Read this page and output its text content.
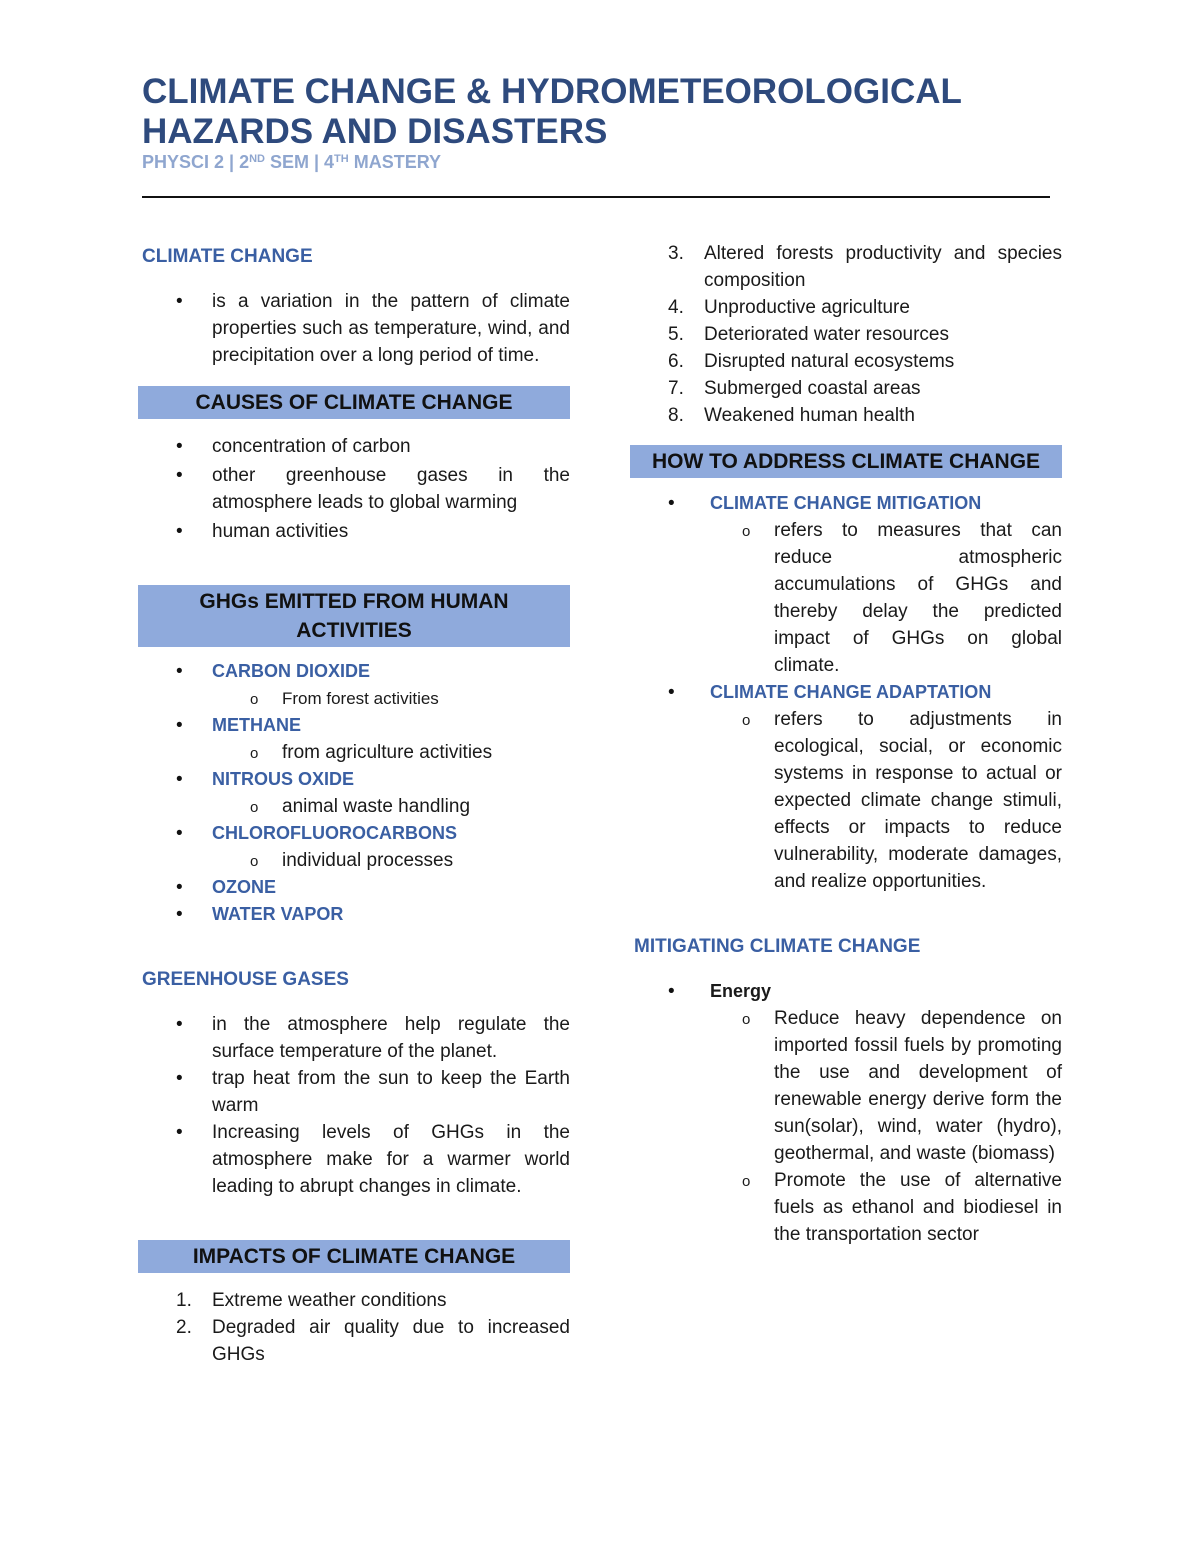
CLIMATE CHANGE & HYDROMETEOROLOGICAL HAZARDS AND DISASTERS
PHYSCI 2 | 2ND SEM | 4TH MASTERY
CLIMATE CHANGE
• is a variation in the pattern of climate properties such as temperature, wind, and precipitation over a long period of time.
CAUSES OF CLIMATE CHANGE
• concentration of carbon
• other greenhouse gases in the atmosphere leads to global warming
• human activities
GHGs EMITTED FROM HUMAN ACTIVITIES
• CARBON DIOXIDE
o From forest activities
• METHANE
o from agriculture activities
• NITROUS OXIDE
o animal waste handling
• CHLOROFLUOROCARBONS
o individual processes
• OZONE
• WATER VAPOR
GREENHOUSE GASES
• in the atmosphere help regulate the surface temperature of the planet.
• trap heat from the sun to keep the Earth warm
• Increasing levels of GHGs in the atmosphere make for a warmer world leading to abrupt changes in climate.
IMPACTS OF CLIMATE CHANGE
1. Extreme weather conditions
2. Degraded air quality due to increased GHGs
3. Altered forests productivity and species composition
4. Unproductive agriculture
5. Deteriorated water resources
6. Disrupted natural ecosystems
7. Submerged coastal areas
8. Weakened human health
HOW TO ADDRESS CLIMATE CHANGE
• CLIMATE CHANGE MITIGATION
o refers to measures that can reduce atmospheric accumulations of GHGs and thereby delay the predicted impact of GHGs on global climate.
• CLIMATE CHANGE ADAPTATION
o refers to adjustments in ecological, social, or economic systems in response to actual or expected climate change stimuli, effects or impacts to reduce vulnerability, moderate damages, and realize opportunities.
MITIGATING CLIMATE CHANGE
• Energy
o Reduce heavy dependence on imported fossil fuels by promoting the use and development of renewable energy derive form the sun(solar), wind, water (hydro), geothermal, and waste (biomass)
o Promote the use of alternative fuels as ethanol and biodiesel in the transportation sector
